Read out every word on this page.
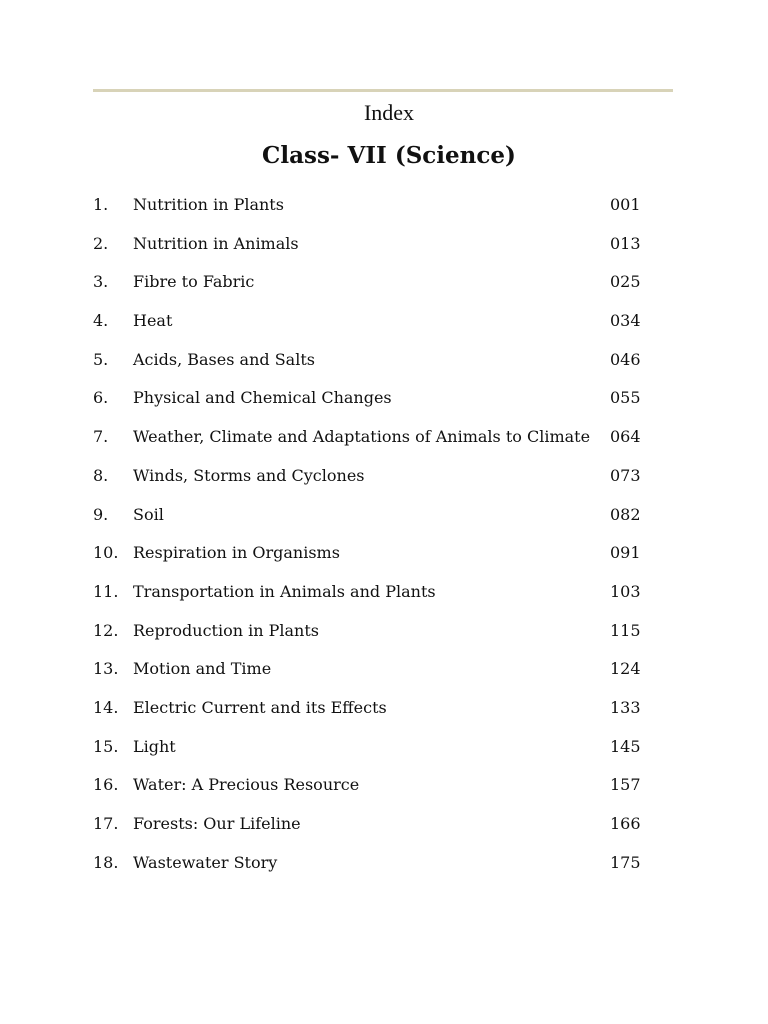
Index
Class- VII (Science)
1.	Nutrition in Plants	001
2.	Nutrition in Animals	013
3.	Fibre to Fabric	025
4.	Heat	034
5.	Acids, Bases and Salts	046
6.	Physical and Chemical Changes	055
7.	Weather, Climate and Adaptations of Animals to Climate	064
8.	Winds, Storms and Cyclones	073
9.	Soil	082
10. Respiration in Organisms	091
11. Transportation in Animals and Plants	103
12. Reproduction in Plants	115
13. Motion and Time	124
14. Electric Current and its Effects	133
15. Light	145
16. Water: A Precious Resource	157
17. Forests: Our Lifeline	166
18. Wastewater Story	175
